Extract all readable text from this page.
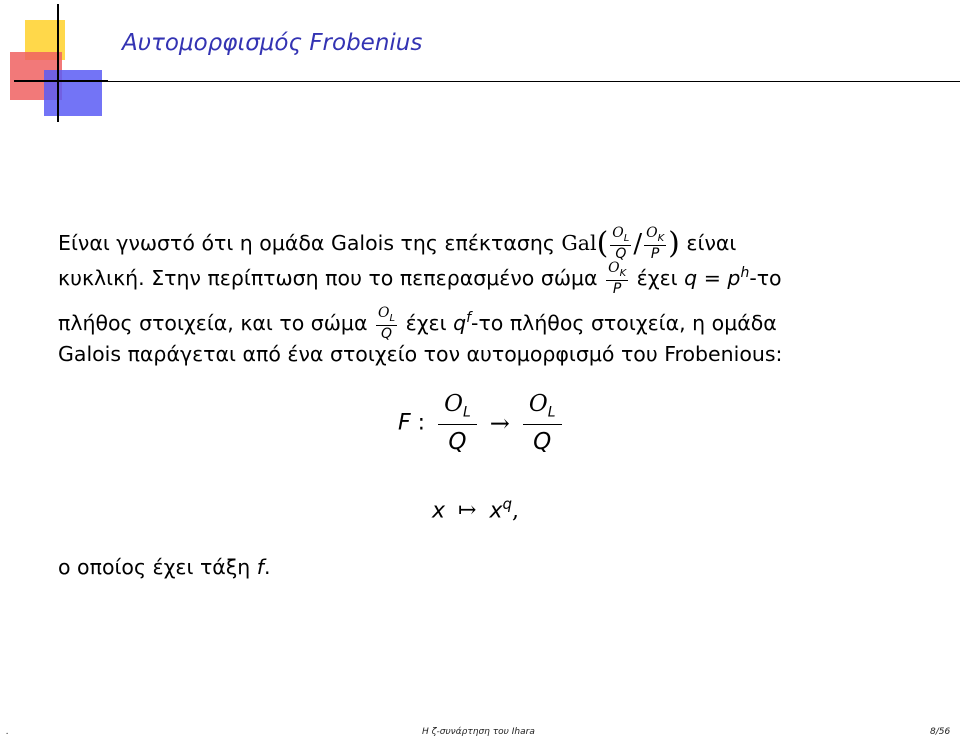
Αυτομορφισμός Frobenius
Είναι γνωστό ότι η ομάδα Galois της επέκτασης $Gal( \frac{O_L}{Q} / \frac{O_K}{P}$ ) είναι
κυκλική. Στην περίπτωση που το πεπερασμένο σώμα $\frac{O_K}{P}$ έχει $q = p^h-\tau o$
πλήθος στοιχεία, και το σώμα $\frac{O_L}{Q}$ έχει $q^f-\tau o$ πλήθος στοιχεία, η ομάδα
Galois παράγεται από ένα στοιχείο τον αυτομορφισμό του Frobenious:
F : $\frac{O_L}{Q} \to \frac{O_L}{Q}$
x ↦ $x^q$,
ο οποίος έχει τάξη f.
.	Η ζ-συνάρτηση του Ihara	8/56
